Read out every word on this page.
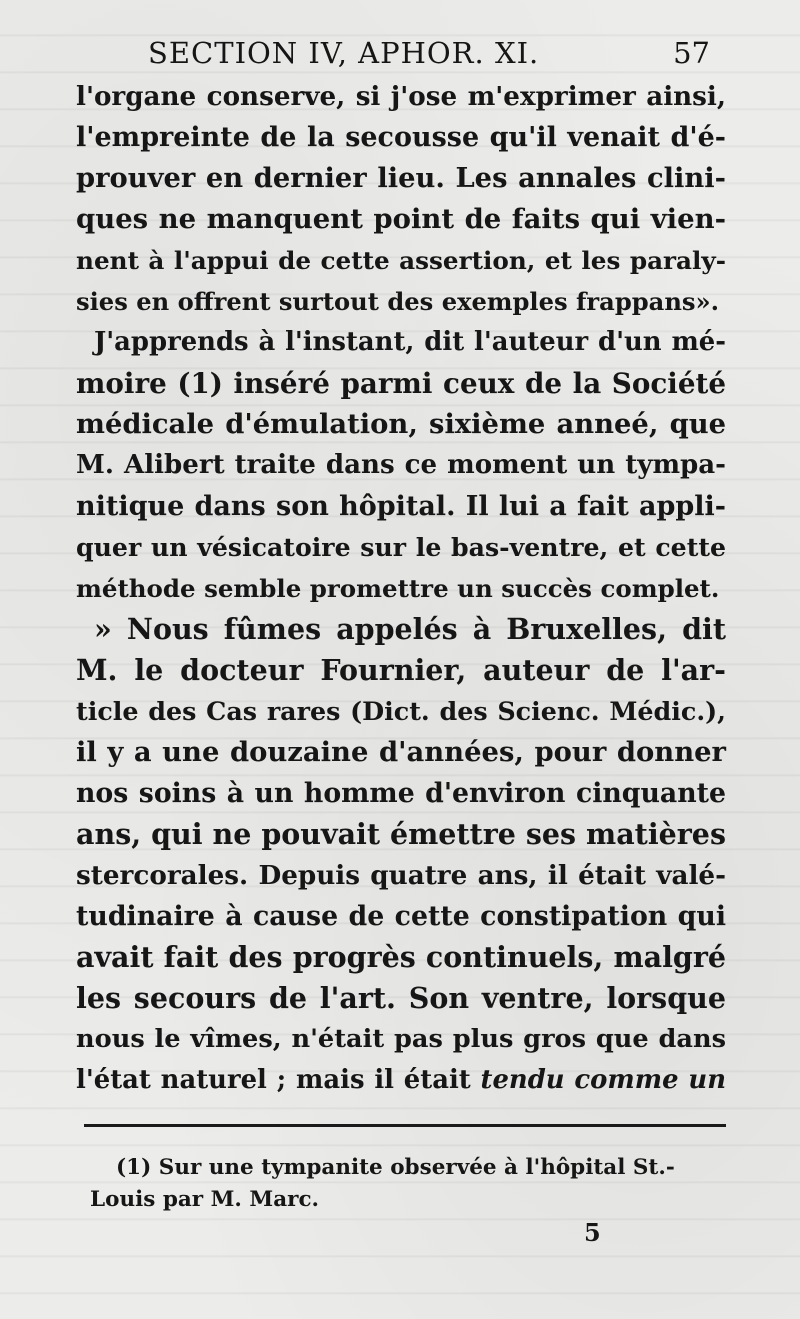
SECTION IV, APHOR. XI.	57
l'organe conserve, si j'ose m'exprimer ainsi,
l'empreinte de la secousse qu'il venait d'é-
prouver en dernier lieu. Les annales clini-
ques ne manquent point de faits qui vien-
nent à l'appui de cette assertion, et les paraly-
sies en offrent surtout des exemples frappans».
J'apprends à l'instant, dit l'auteur d'un mé-
moire (1) inséré parmi ceux de la Société
médicale d'émulation, sixième anneé, que
M. Alibert traite dans ce moment un tympa-
nitique dans son hôpital. Il lui a fait appli-
quer un vésicatoire sur le bas-ventre, et cette
méthode semble promettre un succès complet.
» Nous fûmes appelés à Bruxelles, dit
M. le docteur Fournier, auteur de l'ar-
ticle des Cas rares (Dict. des Scienc. Médic.),
il y a une douzaine d'années, pour donner
nos soins à un homme d'environ cinquante
ans, qui ne pouvait émettre ses matières
stercorales. Depuis quatre ans, il était valé-
tudinaire à cause de cette constipation qui
avait fait des progrès continuels, malgré
les secours de l'art. Son ventre, lorsque
nous le vîmes, n'était pas plus gros que dans
l'état naturel ; mais il était tendu comme un
(1) Sur une tympanite observée à l'hôpital St.-
Louis par M. Marc.
5
